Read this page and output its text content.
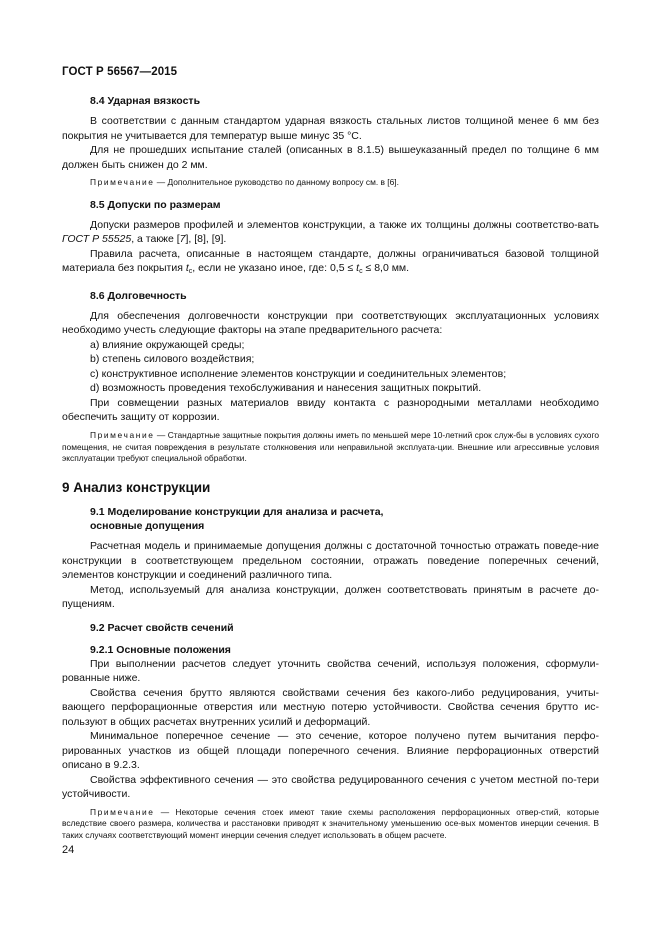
ГОСТ Р 56567—2015

8.4 Ударная вязкость

В соответствии с данным стандартом ударная вязкость стальных листов толщиной менее 6 мм без покрытия не учитывается для температур выше минус 35 °С.

Для не прошедших испытание сталей (описанных в 8.1.5) вышеуказанный предел по толщине 6 мм должен быть снижен до 2 мм.

Примечание — Дополнительное руководство по данному вопросу см. в [6].

8.5 Допуски по размерам

Допуски размеров профилей и элементов конструкции, а также их толщины должны соответство-вать ГОСТ Р 55525, а также [7], [8], [9].

Правила расчета, описанные в настоящем стандарте, должны ограничиваться базовой толщиной материала без покрытия $t_c$, если не указано иное, где: $0,5 \le t_c \le 8,0$ мм.

8.6 Долговечность

Для обеспечения долговечности конструкции при соответствующих эксплуатационных условиях необходимо учесть следующие факторы на этапе предварительного расчета:

а) влияние окружающей среды;

b) степень силового воздействия;

c) конструктивное исполнение элементов конструкции и соединительных элементов;

d) возможность проведения техобслуживания и нанесения защитных покрытий.

При совмещении разных материалов ввиду контакта с разнородными металлами необходимо обеспечить защиту от коррозии.

Примечание — Стандартные защитные покрытия должны иметь по меньшей мере 10-летний срок служ-бы в условиях сухого помещения, не считая повреждения в результате столкновения или неправильной эксплуата-ции. Внешние или агрессивные условия эксплуатации требуют специальной обработки.

9 Анализ конструкции

9.1 Моделирование конструкции для анализа и расчета,

основные допущения

Расчетная модель и принимаемые допущения должны с достаточной точностью отражать поведе-ние конструкции в соответствующем предельном состоянии, отражать поведение поперечных сечений, элементов конструкции и соединений различного типа.

Метод, используемый для анализа конструкции, должен соответствовать принятым в расчете до-пущениям.

9.2 Расчет свойств сечений

9.2.1 Основные положения

При выполнении расчетов следует уточнить свойства сечений, используя положения, сформули-рованные ниже.

Свойства сечения брутто являются свойствами сечения без какого-либо редуцирования, учиты-вающего перфорационные отверстия или местную потерю устойчивости. Свойства сечения брутто ис-пользуют в общих расчетах внутренних усилий и деформаций.

Минимальное поперечное сечение — это сечение, которое получено путем вычитания перфо-рированных участков из общей площади поперечного сечения. Влияние перфорационных отверстий описано в 9.2.3.

Свойства эффективного сечения — это свойства редуцированного сечения с учетом местной по-тери устойчивости.

Примечание — Некоторые сечения стоек имеют такие схемы расположения перфорационных отвер-стий, которые вследствие своего размера, количества и расстановки приводят к значительному уменьшению осе-вых моментов инерции сечения. В таких случаях соответствующий момент инерции сечения следует использовать в общем расчете.

24
